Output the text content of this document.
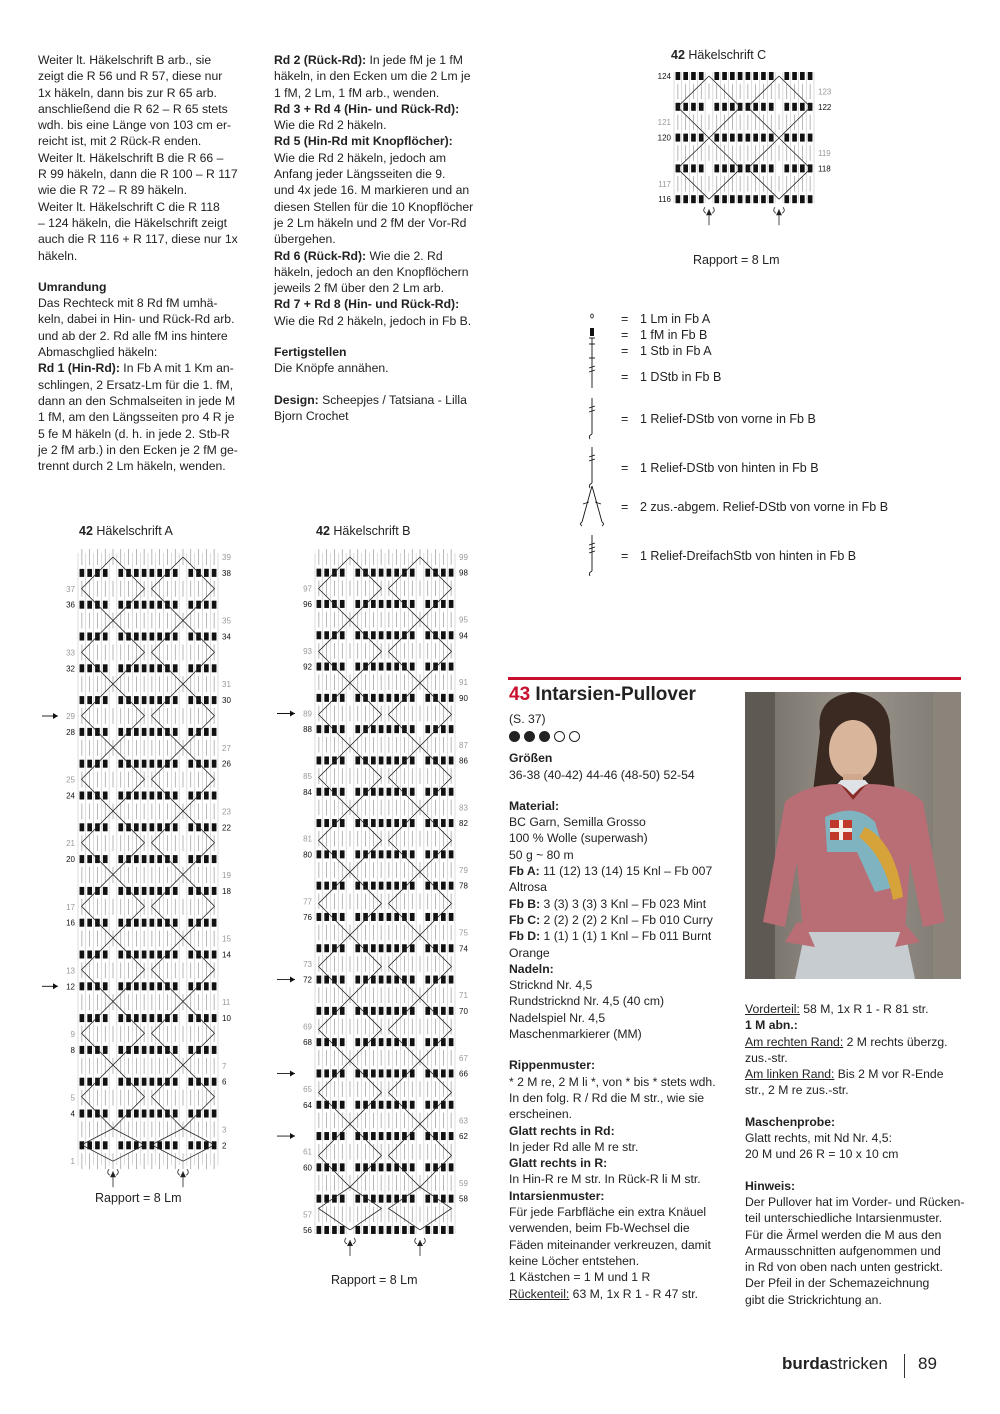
Weiter lt. Häkelschrift B arb., sie

zeigt die R 56 und R 57, diese nur

1x häkeln, dann bis zur R 65 arb.

anschließend die R 62 – R 65 stets

wdh. bis eine Länge von 103 cm er-

reicht ist, mit 2 Rück-R enden.

Weiter lt. Häkelschrift B die R 66 –

R 99 häkeln, dann die R 100 – R 117

wie die R 72 – R 89 häkeln.

Weiter lt. Häkelschrift C die R 118

– 124 häkeln, die Häkelschrift zeigt

auch die R 116 + R 117, diese nur 1x

häkeln.

Umrandung

Das Rechteck mit 8 Rd fM umhä-

keln, dabei in Hin- und Rück-Rd arb.

und ab der 2. Rd alle fM ins hintere

Abmaschglied häkeln:

Rd 1 (Hin-Rd): In Fb A mit 1 Km an-

schlingen, 2 Ersatz-Lm für die 1. fM,

dann an den Schmalseiten in jede M

1 fM, am den Längsseiten pro 4 R je

5 fe M häkeln (d. h. in jede 2. Stb-R

je 2 fM arb.) in den Ecken je 2 fM ge-

trennt durch 2 Lm häkeln, wenden.

Rd 2 (Rück-Rd): In jede fM je 1 fM

häkeln, in den Ecken um die 2 Lm je

1 fM, 2 Lm, 1 fM arb., wenden.

Rd 3 + Rd 4 (Hin- und Rück-Rd):

Wie die Rd 2 häkeln.

Rd 5 (Hin-Rd mit Knopflöcher):

Wie die Rd 2 häkeln, jedoch am

Anfang jeder Längsseiten die 9.

und 4x jede 16. M markieren und an

diesen Stellen für die 10 Knopflöcher

je 2 Lm häkeln und 2 fM der Vor-Rd

übergehen.

Rd 6 (Rück-Rd): Wie die 2. Rd

häkeln, jedoch an den Knopflöchern

jeweils 2 fM über den 2 Lm arb.

Rd 7 + Rd 8 (Hin- und Rück-Rd):

Wie die Rd 2 häkeln, jedoch in Fb B.

Fertigstellen

Die Knöpfe annähen.

Design: Scheepjes / Tatsiana - Lilla

Bjorn Crochet

42 Häkelschrift C
42 Häkelschrift A	42 Häkelschrift B
124
123
122
121
120
119
118
117
116
Rapport = 8 Lm
39
38
37
36
35
34
33
32
31
30
29
28
27
26
25
24
23
22
21
20
19
18
17
16
15
14
13
12
11
10
9
8
7
6
5
4
3
2
1
Rapport = 8 Lm
99
98
97
96
95
94
93
92
91
90
89
88
87
86
85
84
83
82
81
80
79
78
77
76
75
74
73
72
71
70
69
68
67
66
65
64
63
62
61
60
59
58
57
56
Rapport = 8 Lm
= 1 Lm in Fb A
= 1 fM in Fb B
= 1 Stb in Fb A
= 1 DStb in Fb B
= 1 Relief-DStb von vorne in Fb B
= 1 Relief-DStb von hinten in Fb B
= 2 zus.-abgem. Relief-DStb von vorne in Fb B
= 1 Relief-DreifachStb von hinten in Fb B
43 Intarsien-Pullover

(S. 37)

Größen

36-38 (40-42) 44-46 (48-50) 52-54

Material:

BC Garn, Semilla Grosso

100 % Wolle (superwash)

50 g ~ 80 m

Fb A: 11 (12) 13 (14) 15 Knl – Fb 007

Altrosa

Fb B: 3 (3) 3 (3) 3 Knl – Fb 023 Mint

Fb C: 2 (2) 2 (2) 2 Knl – Fb 010 Curry

Fb D: 1 (1) 1 (1) 1 Knl – Fb 011 Burnt

Orange

Nadeln:

Stricknd Nr. 4,5

Rundstricknd Nr. 4,5 (40 cm)

Nadelspiel Nr. 4,5

Maschenmarkierer (MM)

Rippenmuster:

* 2 M re, 2 M li *, von * bis * stets wdh.

In den folg. R / Rd die M str., wie sie

erscheinen.

Glatt rechts in Rd:

In jeder Rd alle M re str.

Glatt rechts in R:

In Hin-R re M str. In Rück-R li M str.

Intarsienmuster:

Für jede Farbfläche ein extra Knäuel

verwenden, beim Fb-Wechsel die

Fäden miteinander verkreuzen, damit

keine Löcher entstehen.

1 Kästchen = 1 M und 1 R

Rückenteil: 63 M, 1x R 1 - R 47 str.

Vorderteil: 58 M, 1x R 1 - R 81 str.

1 M abn.:

Am rechten Rand: 2 M rechts überzg.

zus.-str.

Am linken Rand: Bis 2 M vor R-Ende

str., 2 M re zus.-str.

Maschenprobe:

Glatt rechts, mit Nd Nr. 4,5:

20 M und 26 R = 10 x 10 cm

Hinweis:

Der Pullover hat im Vorder- und Rücken-

teil unterschiedliche Intarsienmuster.

Für die Ärmel werden die M aus den

Armausschnitten aufgenommen und

in Rd von oben nach unten gestrickt.

Der Pfeil in der Schemazeichnung

gibt die Strickrichtung an.

burdastricken 89
